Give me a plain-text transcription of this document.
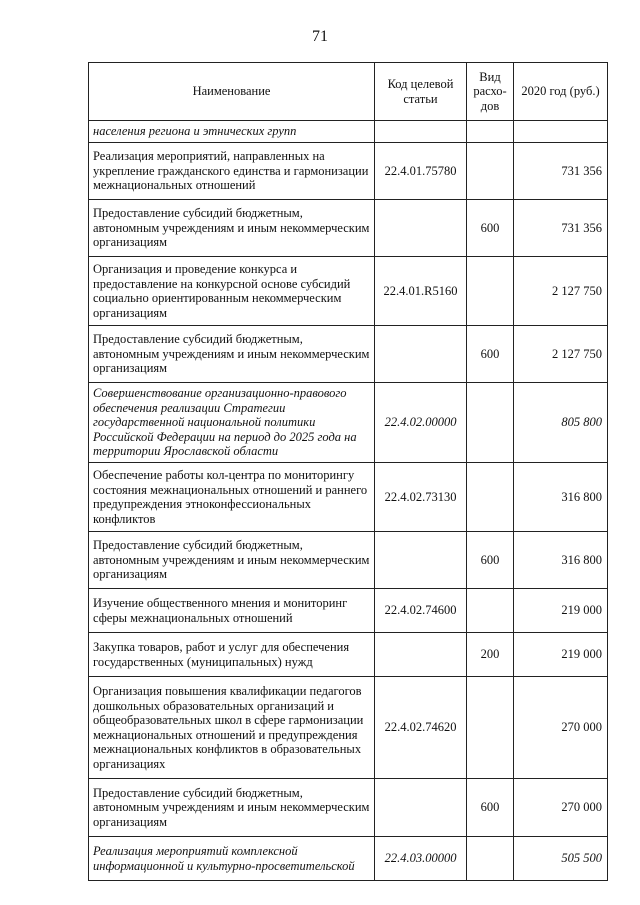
71
Наименование	Код целевой статьи	Вид расхо-дов	2020 год (руб.)
населения региона и этнических групп			
Реализация мероприятий, направленных на укрепление гражданского единства и гармонизации межнациональных отношений	22.4.01.75780		731 356
Предоставление субсидий бюджетным, автономным учреждениям и иным некоммерческим организациям		600	731 356
Организация и проведение конкурса и предоставление на конкурсной основе субсидий социально ориентированным некоммерческим организациям	22.4.01.R5160		2 127 750
Предоставление субсидий бюджетным, автономным учреждениям и иным некоммерческим организациям		600	2 127 750
Совершенствование организационно-правового обеспечения реализации Стратегии государственной национальной политики Российской Федерации на период до 2025 года на территории Ярославской области	22.4.02.00000		805 800
Обеспечение работы кол-центра по мониторингу состояния межнациональных отношений и раннего предупреждения этноконфессиональных конфликтов	22.4.02.73130		316 800
Предоставление субсидий бюджетным, автономным учреждениям и иным некоммерческим организациям		600	316 800
Изучение общественного мнения и мониторинг сферы межнациональных отношений	22.4.02.74600		219 000
Закупка товаров, работ и услуг для обеспечения государственных (муниципальных) нужд		200	219 000
Организация повышения квалификации педагогов дошкольных образовательных организаций и общеобразовательных школ в сфере гармонизации межнациональных отношений и предупреждения межнациональных конфликтов в образовательных организациях	22.4.02.74620		270 000
Предоставление субсидий бюджетным, автономным учреждениям и иным некоммерческим организациям		600	270 000
Реализация мероприятий комплексной информационной и культурно-просветительской	22.4.03.00000		505 500
